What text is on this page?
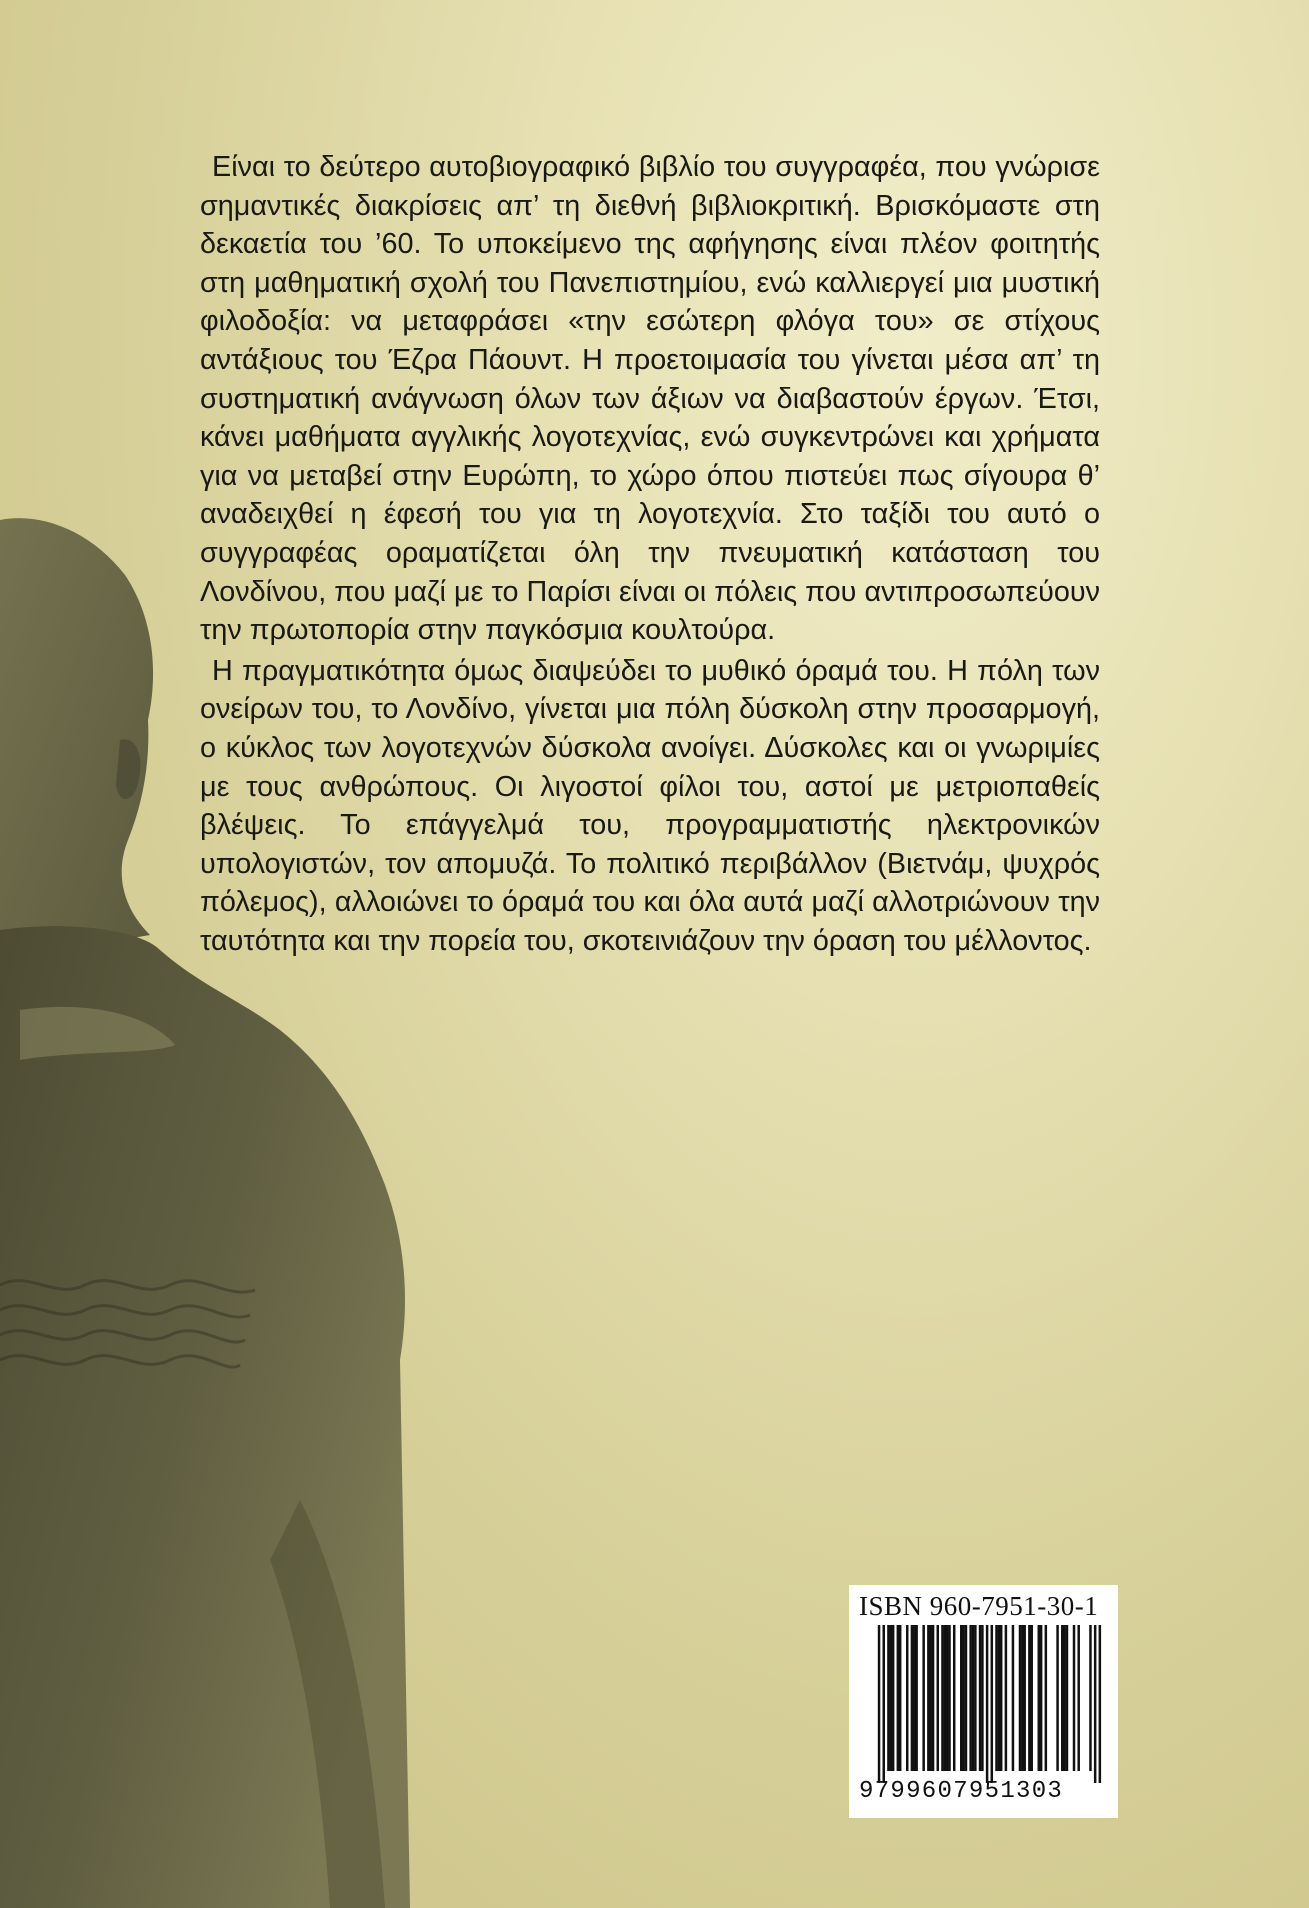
Είναι το δεύτερο αυτοβιογραφικό βιβλίο του συγγραφέα, που γνώρισε σημαντικές διακρίσεις απ’ τη διεθνή βιβλιοκριτική. Βρισκόμαστε στη δεκαετία του ’60. Το υποκείμενο της αφήγησης είναι πλέον φοιτητής στη μαθηματική σχολή του Πανεπιστημίου, ενώ καλλιεργεί μια μυστική φιλοδοξία: να μεταφράσει «την εσώτερη φλόγα του» σε στίχους αντάξιους του Έζρα Πάουντ. Η προετοιμασία του γίνεται μέσα απ’ τη συστηματική ανάγνωση όλων των άξιων να διαβαστούν έργων. Έτσι, κάνει μαθήματα αγγλικής λογοτεχνίας, ενώ συγκεντρώνει και χρήματα για να μεταβεί στην Ευρώπη, το χώρο όπου πιστεύει πως σίγουρα θ’ αναδειχθεί η έφεσή του για τη λογοτεχνία. Στο ταξίδι του αυτό ο συγγραφέας οραματίζεται όλη την πνευματική κατάσταση του Λονδίνου, που μαζί με το Παρίσι είναι οι πόλεις που αντιπροσωπεύουν την πρωτοπορία στην παγκόσμια κουλτούρα.

Η πραγματικότητα όμως διαψεύδει το μυθικό όραμά του. Η πόλη των ονείρων του, το Λονδίνο, γίνεται μια πόλη δύσκολη στην προσαρμογή, ο κύκλος των λογοτεχνών δύσκολα ανοίγει. Δύσκολες και οι γνωριμίες με τους ανθρώπους. Οι λιγοστοί φίλοι του, αστοί με μετριοπαθείς βλέψεις. Το επάγγελμά του, προγραμματιστής ηλεκτρονικών υπολογιστών, τον απομυζά. Το πολιτικό περιβάλλον (Βιετνάμ, ψυχρός πόλεμος), αλλοιώνει το όραμά του και όλα αυτά μαζί αλλοτριώνουν την ταυτότητα και την πορεία του, σκοτεινιάζουν την όραση του μέλλοντος.

ISBN 960-7951-30-1
9799607951303
